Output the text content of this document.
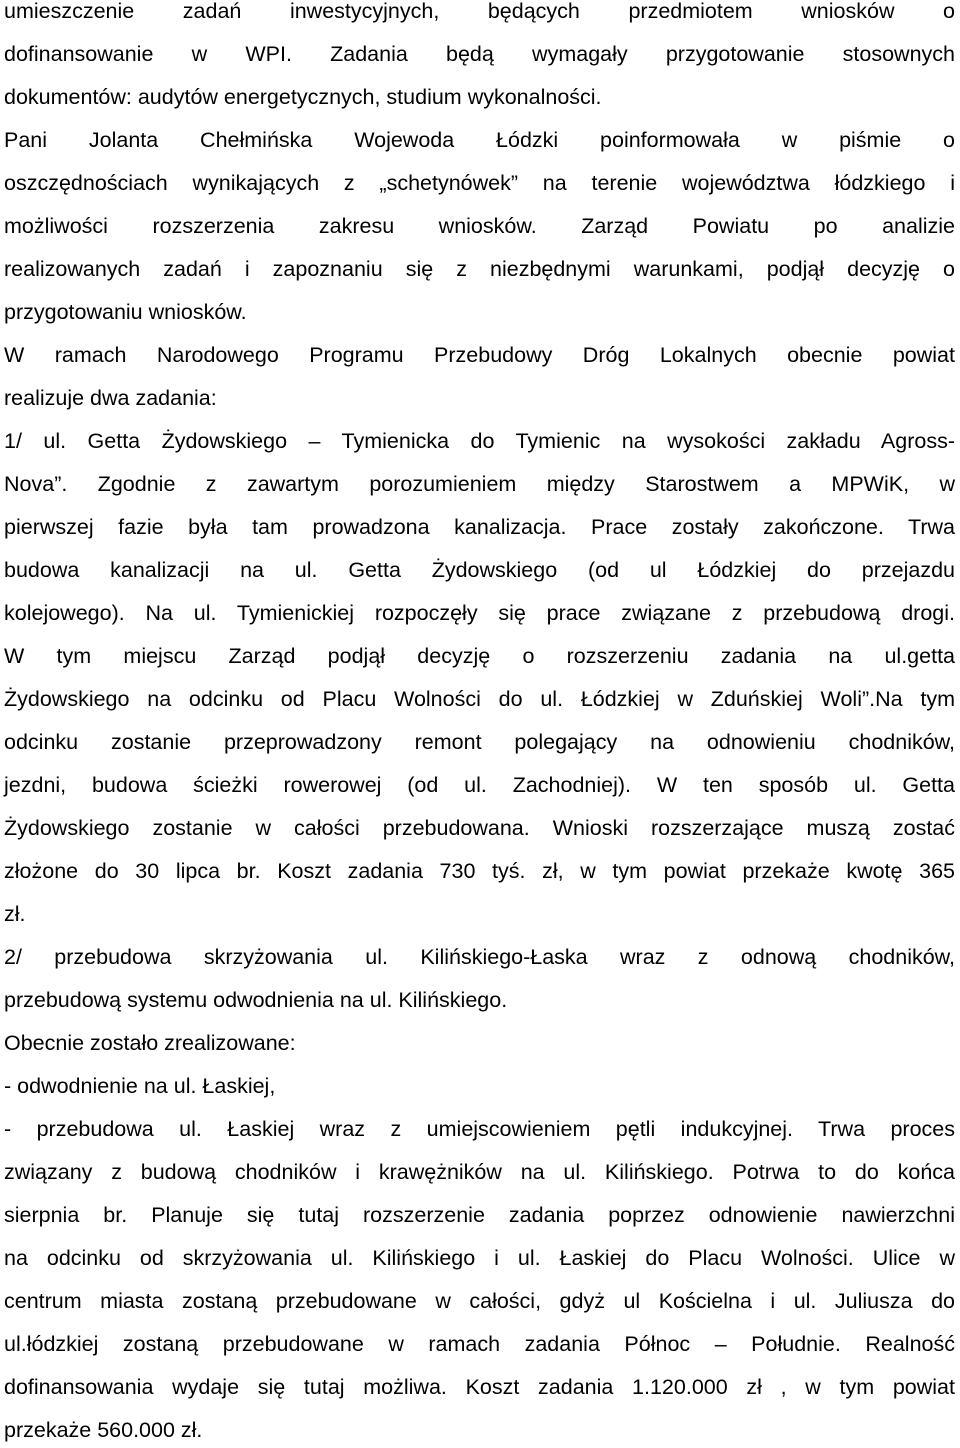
umieszczenie zadań inwestycyjnych, będących przedmiotem wniosków o
dofinansowanie w WPI. Zadania będą wymagały przygotowanie stosownych
dokumentów: audytów energetycznych, studium wykonalności.
Pani Jolanta Chełmińska Wojewoda Łódzki poinformowała w piśmie o
oszczędnościach wynikających z „schetynówek” na terenie województwa łódzkiego i
możliwości rozszerzenia zakresu wniosków. Zarząd Powiatu po analizie
realizowanych zadań i zapoznaniu się z niezbędnymi warunkami, podjął decyzję o
przygotowaniu wniosków.
W ramach Narodowego Programu Przebudowy Dróg Lokalnych obecnie powiat
realizuje dwa zadania:
1/ ul. Getta Żydowskiego – Tymienicka do Tymienic na wysokości zakładu Agross-
Nova”. Zgodnie z zawartym porozumieniem między Starostwem a MPWiK, w
pierwszej fazie była tam prowadzona kanalizacja. Prace zostały zakończone. Trwa
budowa kanalizacji na ul. Getta Żydowskiego (od ul Łódzkiej do przejazdu
kolejowego). Na ul. Tymienickiej rozpoczęły się prace związane z przebudową drogi.
W tym miejscu Zarząd podjął decyzję o rozszerzeniu zadania na ul.getta
Żydowskiego na odcinku od Placu Wolności do ul. Łódzkiej w Zduńskiej Woli”.Na tym
odcinku zostanie przeprowadzony remont polegający na odnowieniu chodników,
jezdni, budowa ścieżki rowerowej (od ul. Zachodniej). W ten sposób ul. Getta
Żydowskiego zostanie w całości przebudowana. Wnioski rozszerzające muszą zostać
złożone do 30 lipca br. Koszt zadania 730 tyś. zł, w tym powiat przekaże kwotę 365
zł.
2/ przebudowa skrzyżowania ul. Kilińskiego-Łaska wraz z odnową chodników,
przebudową systemu odwodnienia na ul. Kilińskiego.
Obecnie zostało zrealizowane:
- odwodnienie na ul. Łaskiej,
- przebudowa ul. Łaskiej wraz z umiejscowieniem pętli indukcyjnej. Trwa proces
związany z budową chodników i krawężników na ul. Kilińskiego. Potrwa to do końca
sierpnia br. Planuje się tutaj rozszerzenie zadania poprzez odnowienie nawierzchni
na odcinku od skrzyżowania ul. Kilińskiego i ul. Łaskiej do Placu Wolności. Ulice w
centrum miasta zostaną przebudowane w całości, gdyż ul Kościelna i ul. Juliusza do
ul.łódzkiej zostaną przebudowane w ramach zadania Północ – Południe. Realność
dofinansowania wydaje się tutaj możliwa. Koszt zadania 1.120.000 zł , w tym powiat
przekaże 560.000 zł.
